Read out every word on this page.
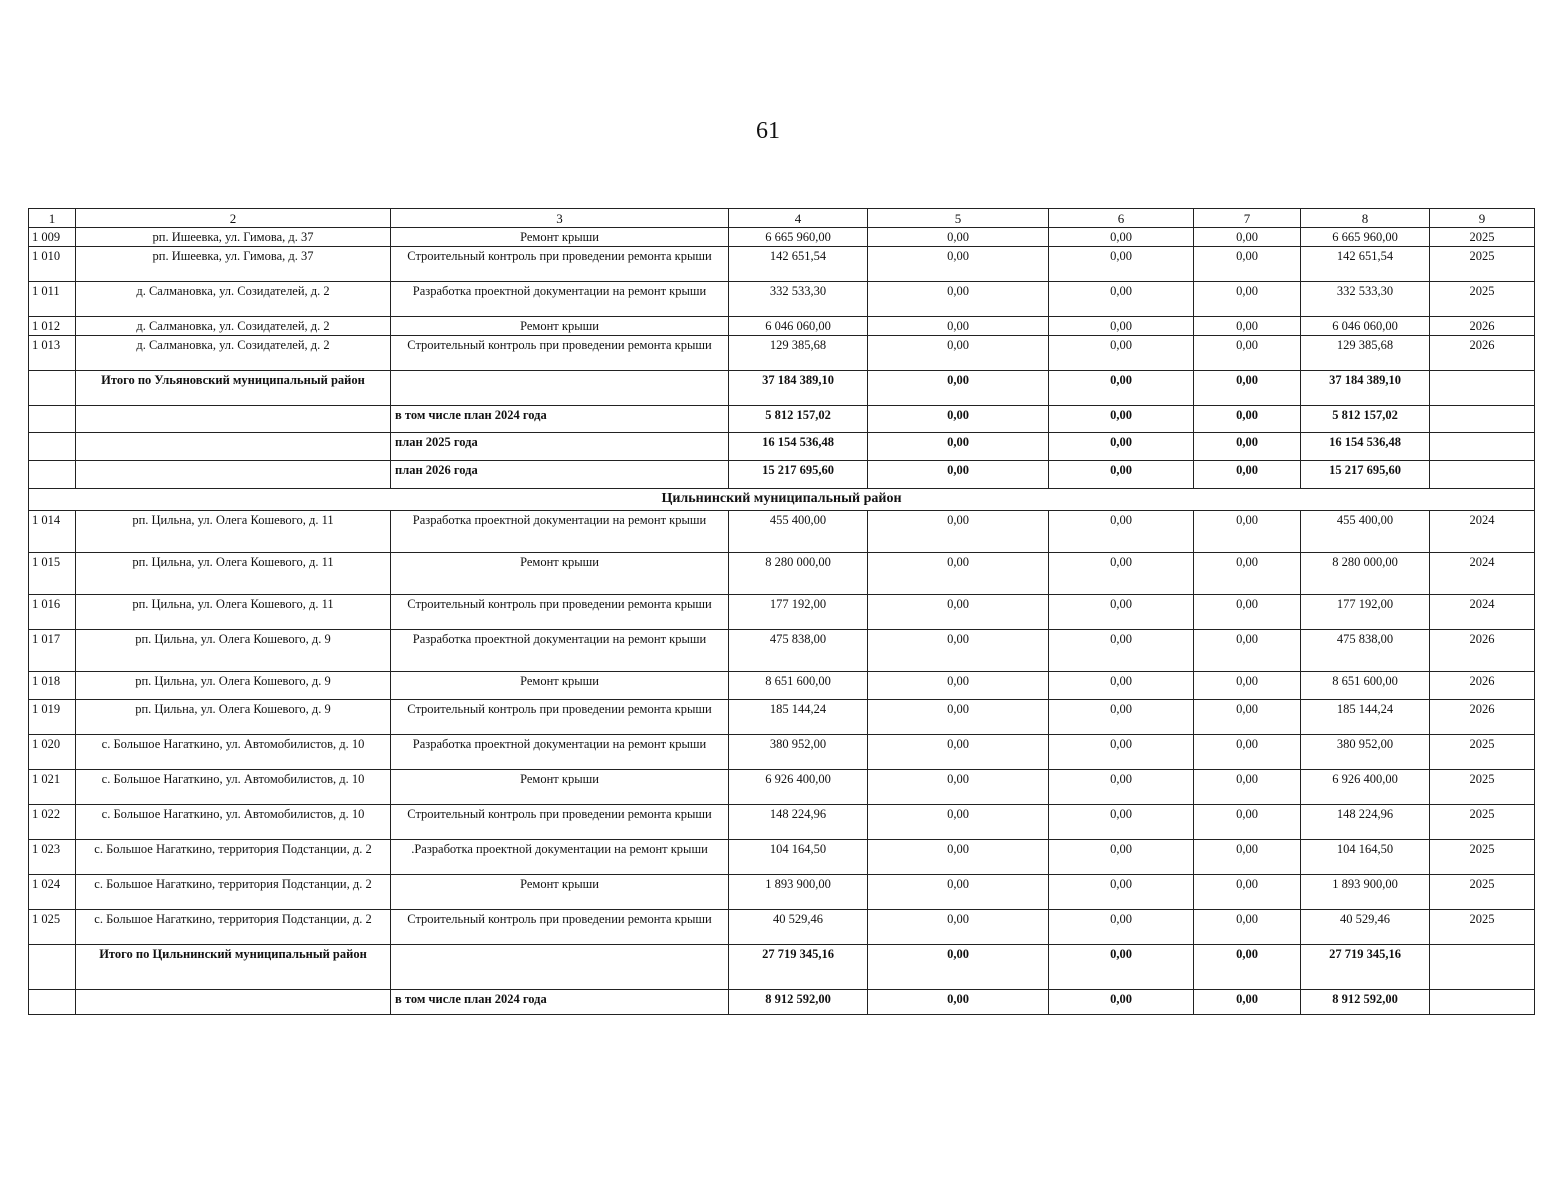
61
1	2	3	4	5	6	7	8	9
1 009	рп. Ишеевка, ул. Гимова, д. 37	Ремонт крыши	6 665 960,00	0,00	0,00	0,00	6 665 960,00	2025
1 010	рп. Ишеевка, ул. Гимова, д. 37	Строительный контроль при проведении ремонта крыши	142 651,54	0,00	0,00	0,00	142 651,54	2025
1 011	д. Салмановка, ул. Созидателей, д. 2	Разработка проектной документации на ремонт крыши	332 533,30	0,00	0,00	0,00	332 533,30	2025
1 012	д. Салмановка, ул. Созидателей, д. 2	Ремонт крыши	6 046 060,00	0,00	0,00	0,00	6 046 060,00	2026
1 013	д. Салмановка, ул. Созидателей, д. 2	Строительный контроль при проведении ремонта крыши	129 385,68	0,00	0,00	0,00	129 385,68	2026
	Итого по Ульяновский муниципальный район		37 184 389,10	0,00	0,00	0,00	37 184 389,10	
		в том числе план 2024 года	5 812 157,02	0,00	0,00	0,00	5 812 157,02	
		план 2025 года	16 154 536,48	0,00	0,00	0,00	16 154 536,48	
		план 2026 года	15 217 695,60	0,00	0,00	0,00	15 217 695,60	
Цильнинский муниципальный район								
1 014	рп. Цильна, ул. Олега Кошевого, д. 11	Разработка проектной документации на ремонт крыши	455 400,00	0,00	0,00	0,00	455 400,00	2024
1 015	рп. Цильна, ул. Олега Кошевого, д. 11	Ремонт крыши	8 280 000,00	0,00	0,00	0,00	8 280 000,00	2024
1 016	рп. Цильна, ул. Олега Кошевого, д. 11	Строительный контроль при проведении ремонта крыши	177 192,00	0,00	0,00	0,00	177 192,00	2024
1 017	рп. Цильна, ул. Олега Кошевого, д. 9	Разработка проектной документации на ремонт крыши	475 838,00	0,00	0,00	0,00	475 838,00	2026
1 018	рп. Цильна, ул. Олега Кошевого, д. 9	Ремонт крыши	8 651 600,00	0,00	0,00	0,00	8 651 600,00	2026
1 019	рп. Цильна, ул. Олега Кошевого, д. 9	Строительный контроль при проведении ремонта крыши	185 144,24	0,00	0,00	0,00	185 144,24	2026
1 020	с. Большое Нагаткино, ул. Автомобилистов, д. 10	Разработка проектной документации на ремонт крыши	380 952,00	0,00	0,00	0,00	380 952,00	2025
1 021	с. Большое Нагаткино, ул. Автомобилистов, д. 10	Ремонт крыши	6 926 400,00	0,00	0,00	0,00	6 926 400,00	2025
1 022	с. Большое Нагаткино, ул. Автомобилистов, д. 10	Строительный контроль при проведении ремонта крыши	148 224,96	0,00	0,00	0,00	148 224,96	2025
1 023	с. Большое Нагаткино, территория Подстанции, д. 2	.Разработка проектной документации на ремонт крыши	104 164,50	0,00	0,00	0,00	104 164,50	2025
1 024	с. Большое Нагаткино, территория Подстанции, д. 2	Ремонт крыши	1 893 900,00	0,00	0,00	0,00	1 893 900,00	2025
1 025	с. Большое Нагаткино, территория Подстанции, д. 2	Строительный контроль при проведении ремонта крыши	40 529,46	0,00	0,00	0,00	40 529,46	2025
	Итого по Цильнинский муниципальный район		27 719 345,16	0,00	0,00	0,00	27 719 345,16	
		в том числе план 2024 года	8 912 592,00	0,00	0,00	0,00	8 912 592,00	
